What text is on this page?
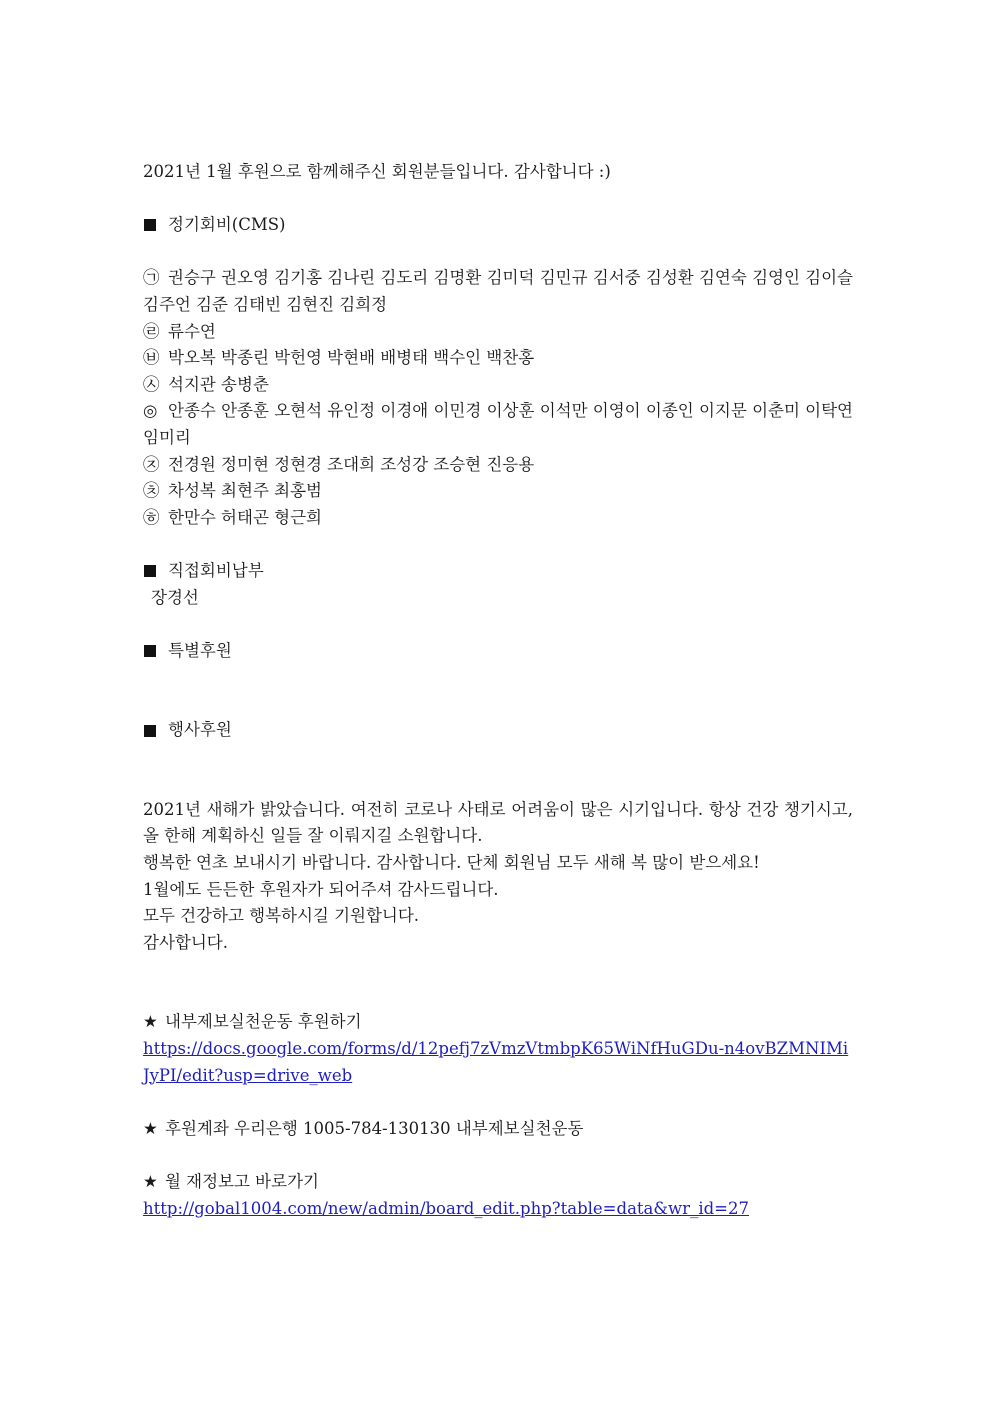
2021년 1월 후원으로 함께해주신 회원분들입니다. 감사합니다 :)
정기회비(CMS)
㉠ 권승구 권오영 김기홍 김나린 김도리 김명환 김미덕 김민규 김서중 김성환 김연숙 김영인 김이슬 김주언 김준 김태빈 김현진 김희정
㉣ 류수연
㉥ 박오복 박종린 박헌영 박현배 배병태 백수인 백찬홍
㉦ 석지관 송병춘
◎ 안종수 안종훈 오현석 유인정 이경애 이민경 이상훈 이석만 이영이 이종인 이지문 이춘미 이탁연 임미리
㉨ 전경원 정미현 정현경 조대희 조성강 조승현 진응용
㉩ 차성복 최현주 최홍범
㉭ 한만수 허태곤 형근희
직접회비납부
장경선
특별후원
행사후원
2021년 새해가 밝았습니다. 여전히 코로나 사태로 어려움이 많은 시기입니다. 항상 건강 챙기시고, 올 한해 계획하신 일들 잘 이뤄지길 소원합니다.
행복한 연초 보내시기 바랍니다. 감사합니다. 단체 회원님 모두 새해 복 많이 받으세요!
1월에도 든든한 후원자가 되어주셔 감사드립니다.
모두 건강하고 행복하시길 기원합니다.
감사합니다.
★ 내부제보실천운동 후원하기
https://docs.google.com/forms/d/12pefj7zVmzVtmbpK65WiNfHuGDu-n4ovBZMNIMiJyPI/edit?usp=drive_web
★ 후원계좌 우리은행 1005-784-130130 내부제보실천운동
★ 월 재정보고 바로가기
http://gobal1004.com/new/admin/board_edit.php?table=data&wr_id=27
